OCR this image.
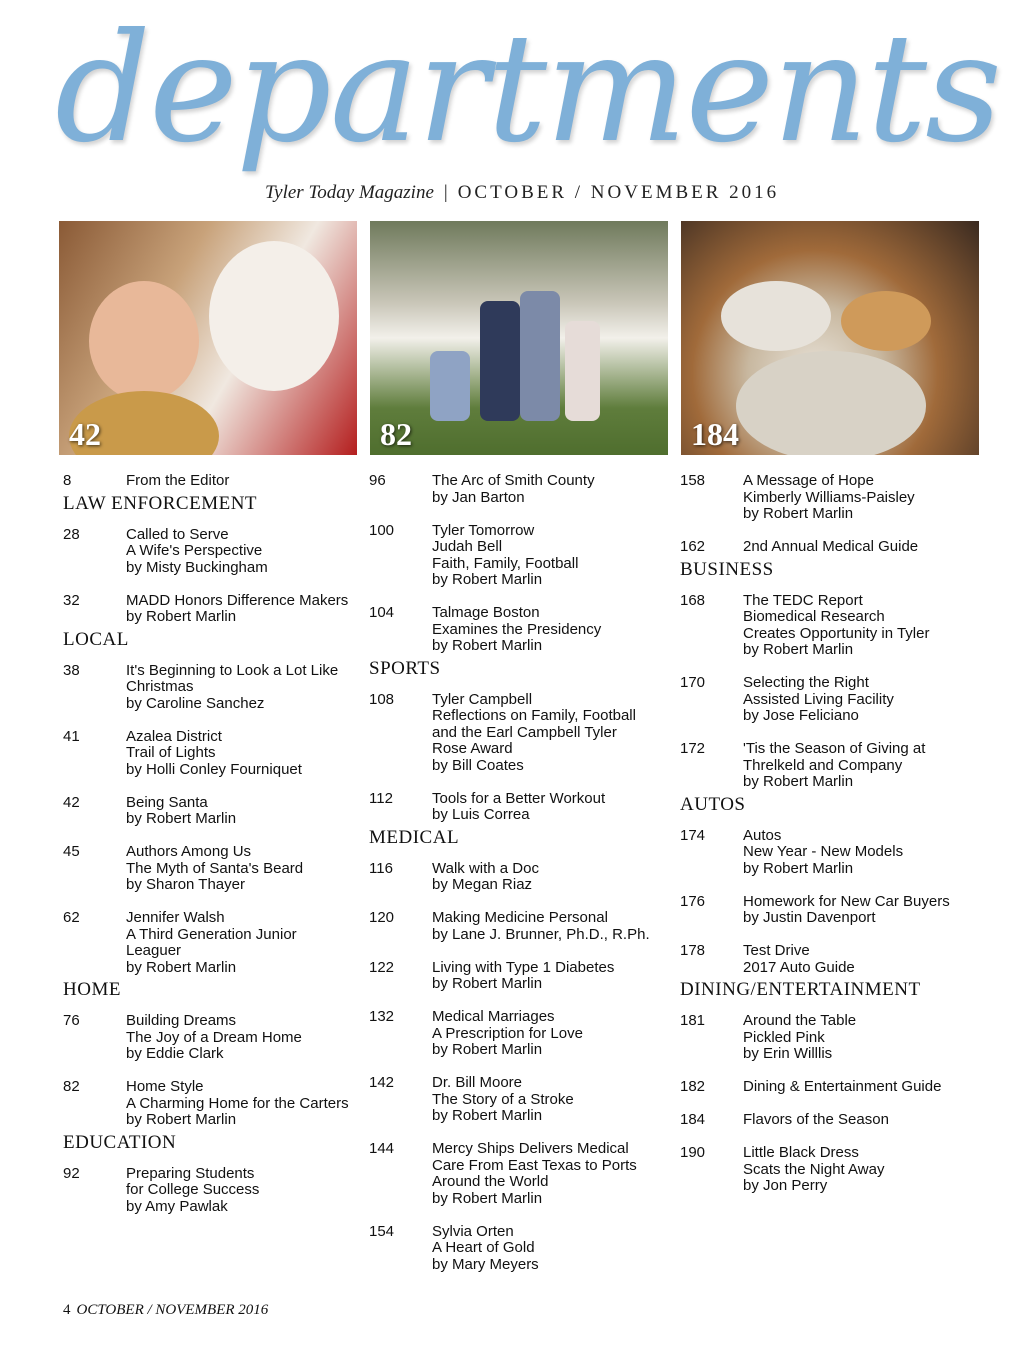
departments
Tyler Today Magazine | OCTOBER / NOVEMBER 2016
42	82	184
8	From the Editor
LAW ENFORCEMENT
28	Called to Serve
A Wife's Perspective
by Misty Buckingham
32	MADD Honors Difference Makers
by Robert Marlin
LOCAL
38	It's Beginning to Look a Lot Like
Christmas
by Caroline Sanchez
41	Azalea District
Trail of Lights
by Holli Conley Fourniquet
42	Being Santa
by Robert Marlin
45	Authors Among Us
The Myth of Santa's Beard
by Sharon Thayer
62	Jennifer Walsh
A Third Generation Junior
Leaguer
by Robert Marlin
HOME
76	Building Dreams
The Joy of a Dream Home
by Eddie Clark
82	Home Style
A Charming Home for the Carters
by Robert Marlin
EDUCATION
92	Preparing Students
for College Success
by Amy Pawlak
96	The Arc of Smith County
by Jan Barton
100	Tyler Tomorrow
Judah Bell
Faith, Family, Football
by Robert Marlin
104	Talmage Boston
Examines the Presidency
by Robert Marlin
SPORTS
108	Tyler Campbell
Reflections on Family, Football
and the Earl Campbell Tyler
Rose Award
by Bill Coates
112	Tools for a Better Workout
by Luis Correa
MEDICAL
116	Walk with a Doc
by Megan Riaz
120	Making Medicine Personal
by Lane J. Brunner, Ph.D., R.Ph.
122	Living with Type 1 Diabetes
by Robert Marlin
132	Medical Marriages
A Prescription for Love
by Robert Marlin
142	Dr. Bill Moore
The Story of a Stroke
by Robert Marlin
144	Mercy Ships Delivers Medical
Care From East Texas to Ports
Around the World
by Robert Marlin
154	Sylvia Orten
A Heart of Gold
by Mary Meyers
158	A Message of Hope
Kimberly Williams-Paisley
by Robert Marlin
162	2nd Annual Medical Guide
BUSINESS
168	The TEDC Report
Biomedical Research
Creates Opportunity in Tyler
by Robert Marlin
170	Selecting the Right
Assisted Living Facility
by Jose Feliciano
172	'Tis the Season of Giving at
Threlkeld and Company
by Robert Marlin
AUTOS
174	Autos
New Year - New Models
by Robert Marlin
176	Homework for New Car Buyers
by Justin Davenport
178	Test Drive
2017 Auto Guide
DINING/ENTERTAINMENT
181	Around the Table
Pickled Pink
by Erin Willlis
182	Dining & Entertainment Guide
184	Flavors of the Season
190	Little Black Dress
Scats the Night Away
by Jon Perry
4 OCTOBER / NOVEMBER 2016
